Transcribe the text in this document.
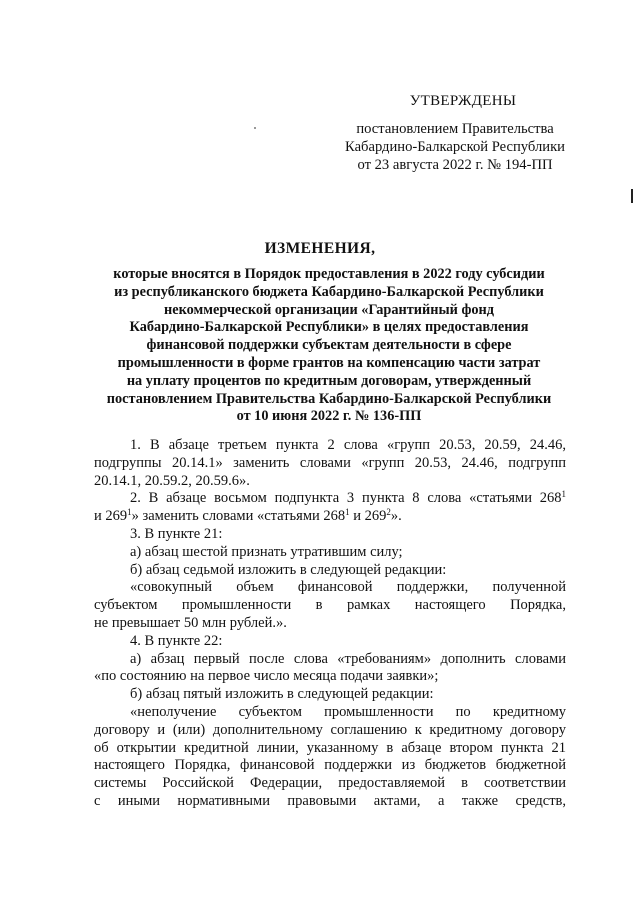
УТВЕРЖДЕНЫ
постановлением Правительства
Кабардино-Балкарской Республики
от 23 августа 2022 г. № 194-ПП
ИЗМЕНЕНИЯ,
которые вносятся в Порядок предоставления в 2022 году субсидии
из республиканского бюджета Кабардино-Балкарской Республики
некоммерческой организации «Гарантийный фонд
Кабардино-Балкарской Республики» в целях предоставления
финансовой поддержки субъектам деятельности в сфере
промышленности в форме грантов на компенсацию части затрат
на уплату процентов по кредитным договорам, утвержденный
постановлением Правительства Кабардино-Балкарской Республики
от 10 июня 2022 г. № 136-ПП
1. В абзаце третьем пункта 2 слова «групп 20.53, 20.59, 24.46,
подгруппы 20.14.1» заменить словами «групп 20.53, 24.46, подгрупп
20.14.1, 20.59.2, 20.59.6».
2. В абзаце восьмом подпункта 3 пункта 8 слова «статьями $268^1$
и $269^1$» заменить словами «статьями $268^1$ и $269^2$».
3. В пункте 21:
а) абзац шестой признать утратившим силу;
б) абзац седьмой изложить в следующей редакции:
«совокупный объем финансовой поддержки, полученной
субъектом промышленности в рамках настоящего Порядка,
не превышает 50 млн рублей.».
4. В пункте 22:
а) абзац первый после слова «требованиям» дополнить словами
«по состоянию на первое число месяца подачи заявки»;
б) абзац пятый изложить в следующей редакции:
«неполучение субъектом промышленности по кредитному
договору и (или) дополнительному соглашению к кредитному договору
об открытии кредитной линии, указанному в абзаце втором пункта 21
настоящего Порядка, финансовой поддержки из бюджетов бюджетной
системы Российской Федерации, предоставляемой в соответствии
с иными нормативными правовыми актами, а также средств,
